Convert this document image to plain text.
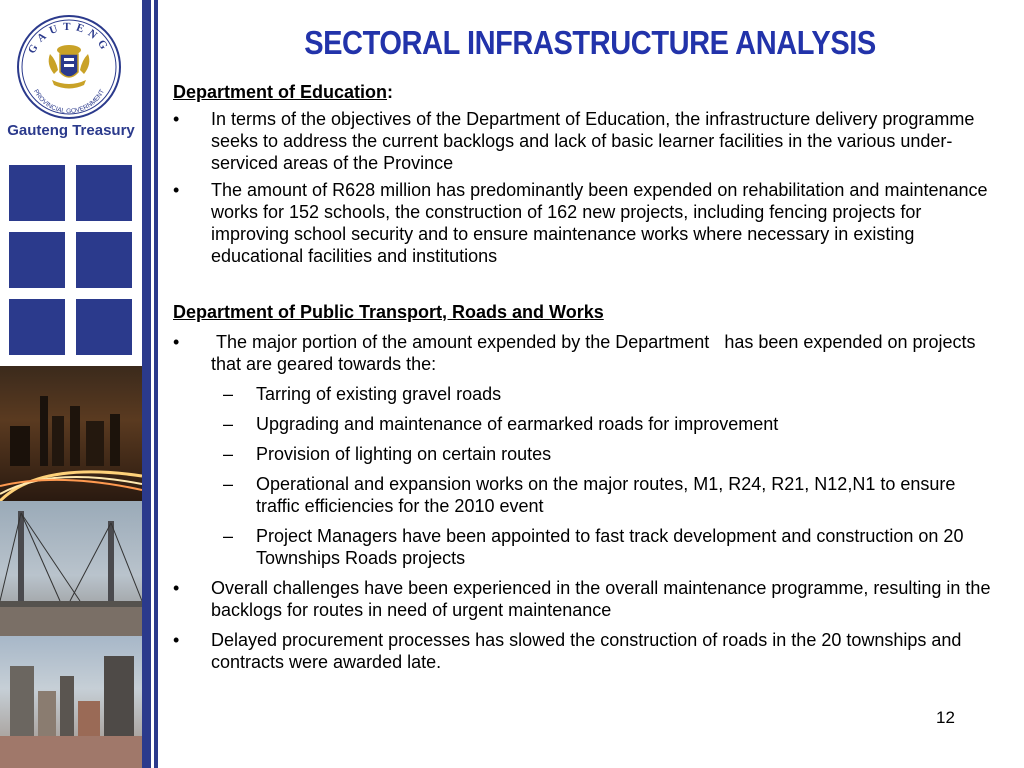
GAUTENG
PROVINCIAL GOVERNMENT
Gauteng Treasury
SECTORAL INFRASTRUCTURE ANALYSIS

Department of Education:

• In terms of the objectives of the Department of Education, the infrastructure delivery programme seeks to address the current backlogs and lack of basic learner facilities in the various under-serviced areas of the Province
• The amount of R628 million has predominantly been expended on rehabilitation and maintenance works for 152 schools, the construction of 162 new projects, including fencing projects for improving school security and to ensure maintenance works where necessary in existing educational facilities and institutions

Department of Public Transport, Roads and Works

• The major portion of the amount expended by the Department   has been expended on projects that are geared towards the:
– Tarring of existing gravel roads
– Upgrading and maintenance of earmarked roads for improvement
– Provision of lighting on certain routes
– Operational and expansion works on the major routes, M1, R24, R21, N12,N1 to ensure traffic efficiencies for the 2010 event
– Project Managers have been appointed to fast track development and construction on 20 Townships Roads projects
• Overall challenges have been experienced in the overall maintenance programme, resulting in the backlogs for routes in need of urgent maintenance
• Delayed procurement processes has slowed the construction of roads in the 20 townships and contracts were awarded late.
12
